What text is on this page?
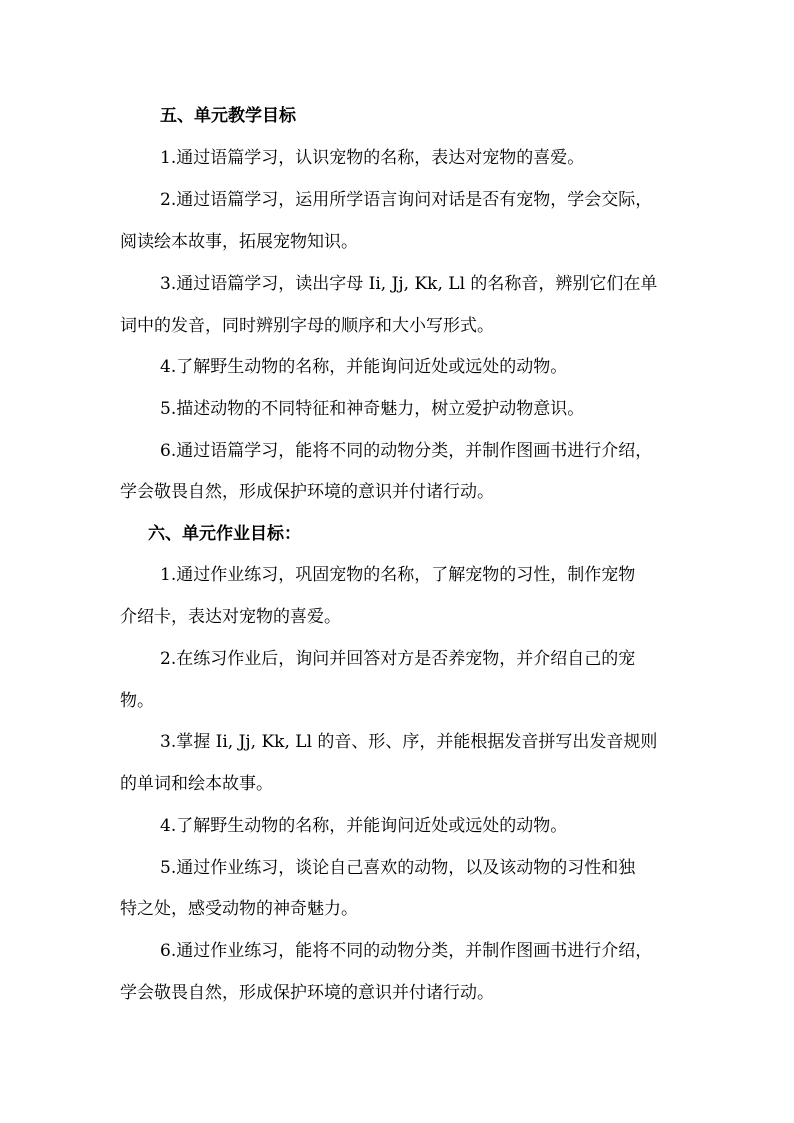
五、单元教学目标
1.通过语篇学习，认识宠物的名称，表达对宠物的喜爱。
2.通过语篇学习，运用所学语言询问对话是否有宠物，学会交际，
阅读绘本故事，拓展宠物知识。
3.通过语篇学习，读出字母 Ii, Jj, Kk, Ll 的名称音，辨别它们在单
词中的发音，同时辨别字母的顺序和大小写形式。
4.了解野生动物的名称，并能询问近处或远处的动物。
5.描述动物的不同特征和神奇魅力，树立爱护动物意识。
6.通过语篇学习，能将不同的动物分类，并制作图画书进行介绍，
学会敬畏自然，形成保护环境的意识并付诸行动。
六、单元作业目标：
1.通过作业练习，巩固宠物的名称，了解宠物的习性，制作宠物
介绍卡，表达对宠物的喜爱。
2.在练习作业后，询问并回答对方是否养宠物，并介绍自己的宠
物。
3.掌握 Ii, Jj, Kk, Ll 的音、形、序，并能根据发音拼写出发音规则
的单词和绘本故事。
4.了解野生动物的名称，并能询问近处或远处的动物。
5.通过作业练习，谈论自己喜欢的动物，以及该动物的习性和独
特之处，感受动物的神奇魅力。
6.通过作业练习，能将不同的动物分类，并制作图画书进行介绍，
学会敬畏自然，形成保护环境的意识并付诸行动。
